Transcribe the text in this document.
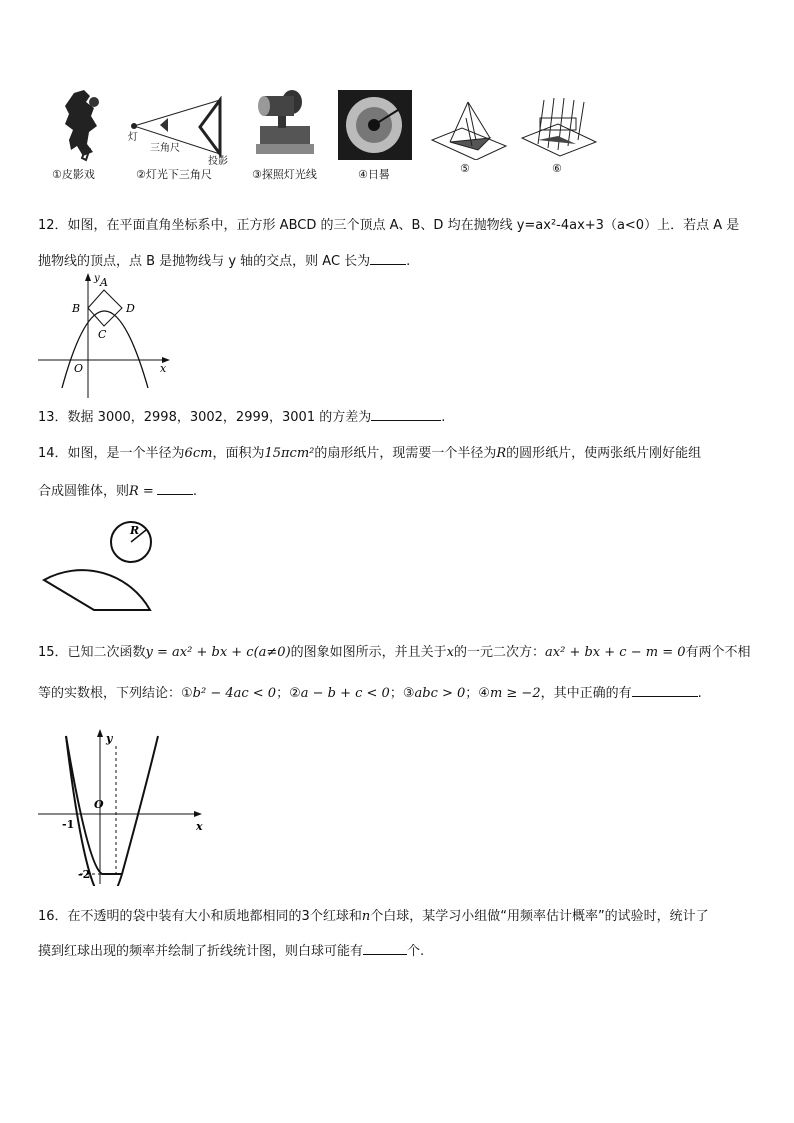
灯
三角尺
投影
①皮影戏	②灯光下三角尺	③探照灯光线	④日晷	⑤	⑥
12．如图，在平面直角坐标系中，正方形 ABCD 的三个顶点 A、B、D 均在抛物线 y=ax²-4ax+3（a<0）上．若点 A 是
抛物线的顶点，点 B 是抛物线与 y 轴的交点，则 AC 长为	.
y
x
O
A
B
C
D
13．数据 3000，2998，3002，2999，3001 的方差为	.
14．如图，是一个半径为6cm，面积为15πcm²的扇形纸片，现需要一个半径为R的圆形纸片，使两张纸片刚好能组
合成圆锥体，则R =	.
R
15．已知二次函数y = ax² + bx + c(a≠0)的图象如图所示，并且关于x的一元二次方：ax² + bx + c − m = 0有两个不相
等的实数根，下列结论：①b² − 4ac < 0；②a − b + c < 0；③abc > 0；④m ≥ −2，其中正确的有	.
y
x
O
-1
-2
16．在不透明的袋中装有大小和质地都相同的3个红球和n个白球，某学习小组做“用频率估计概率”的试验时，统计了
摸到红球出现的频率并绘制了折线统计图，则白球可能有	个.
